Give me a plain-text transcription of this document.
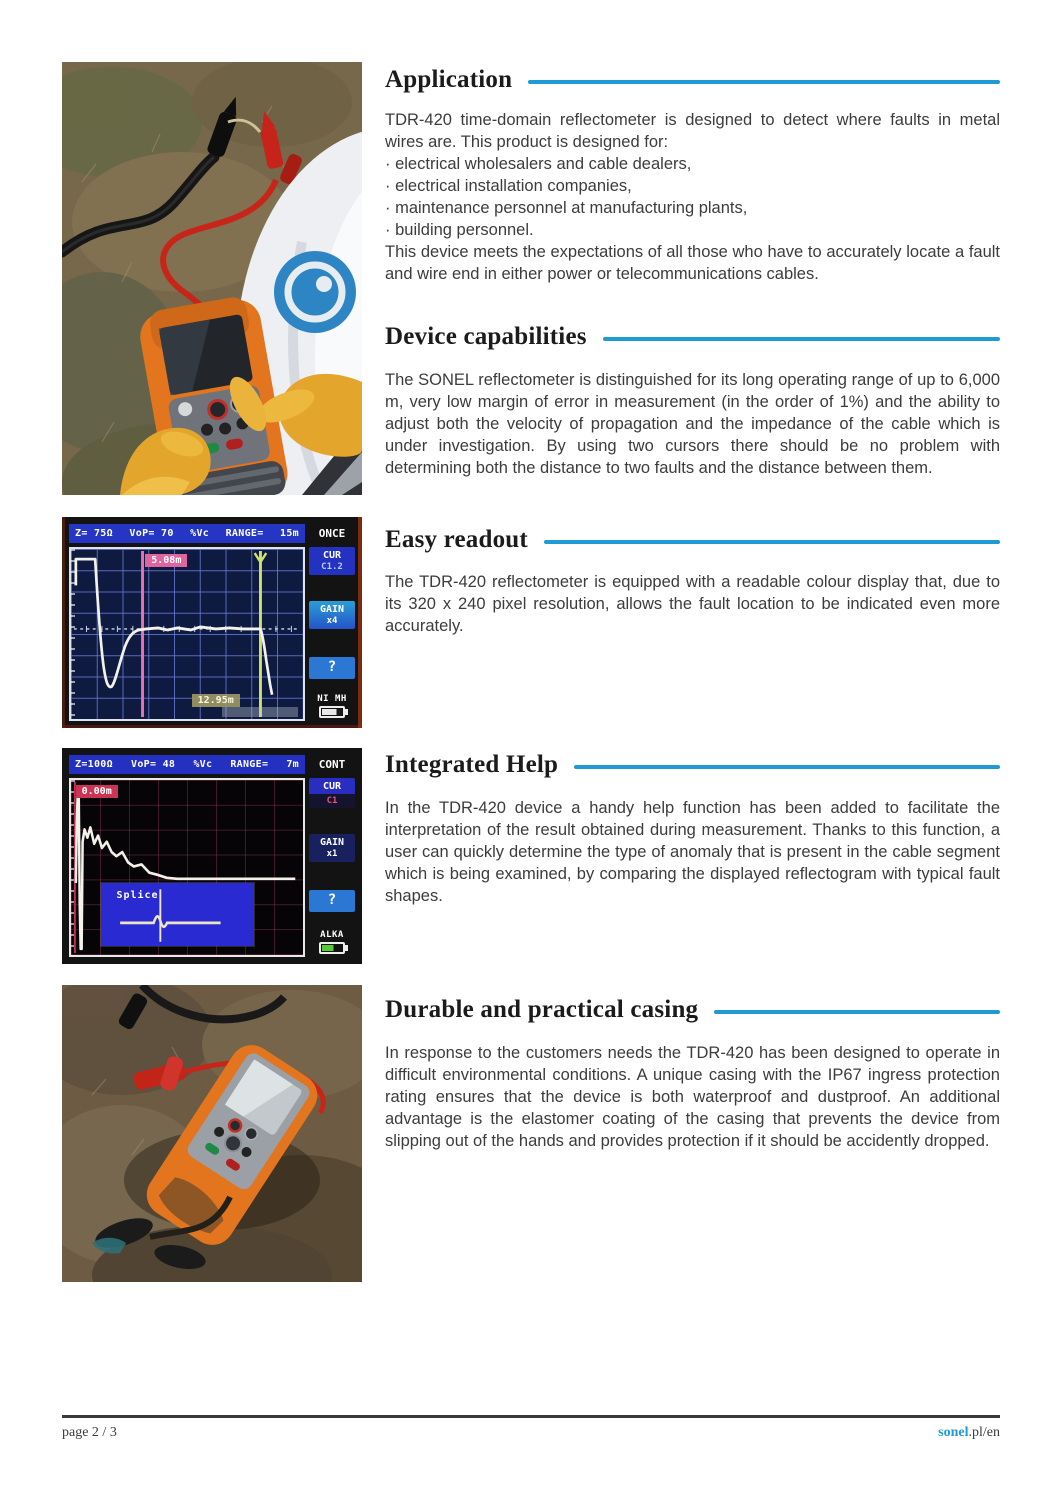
Z= 75Ω VoP= 70 %Vc RANGE= 15m	ONCE
5.08m
12.95m
CUR
C1.2
GAIN
x4
?
NI MH

Z=100Ω VoP= 48 %Vc RANGE= 7m	CONT
0.00m
Splice
CUR
C1
GAIN
x1
?
ALKA

Application

TDR-420 time-domain reflectometer is designed to detect where faults in metal wires are. This product is designed for:

· electrical wholesalers and cable dealers,
· electrical installation companies,
· maintenance personnel at manufacturing plants,
· building personnel.

This device meets the expectations of all those who have to accurately locate a fault and wire end in either power or telecommunications cables.

Device capabilities

The SONEL reflectometer is distinguished for its long operating range of up to 6,000 m, very low margin of error in measurement (in the order of 1%) and the ability to adjust both the velocity of propagation and the impedance of the cable which is under investigation. By using two cursors there should be no problem with determining both the distance to two faults and the distance between them.

Easy readout

The TDR-420 reflectometer is equipped with a readable colour display that, due to its 320 x 240 pixel resolution, allows the fault location to be indicated even more accurately.

Integrated Help

In the TDR-420 device a handy help function has been added to facilitate the interpretation of the result obtained during measurement. Thanks to this function, a user can quickly determine the type of anomaly that is present in the cable segment which is being examined, by comparing the displayed reflectogram with typical fault shapes.

Durable and practical casing

In response to the customers needs the TDR-420 has been designed to operate in difficult environmental conditions. A unique casing with the IP67 ingress protection rating ensures that the device is both waterproof and dustproof. An additional advantage is the elastomer coating of the casing that prevents the device from slipping out of the hands and provides protection if it should be accidently dropped.

page 2 / 3	sonel.pl/en
